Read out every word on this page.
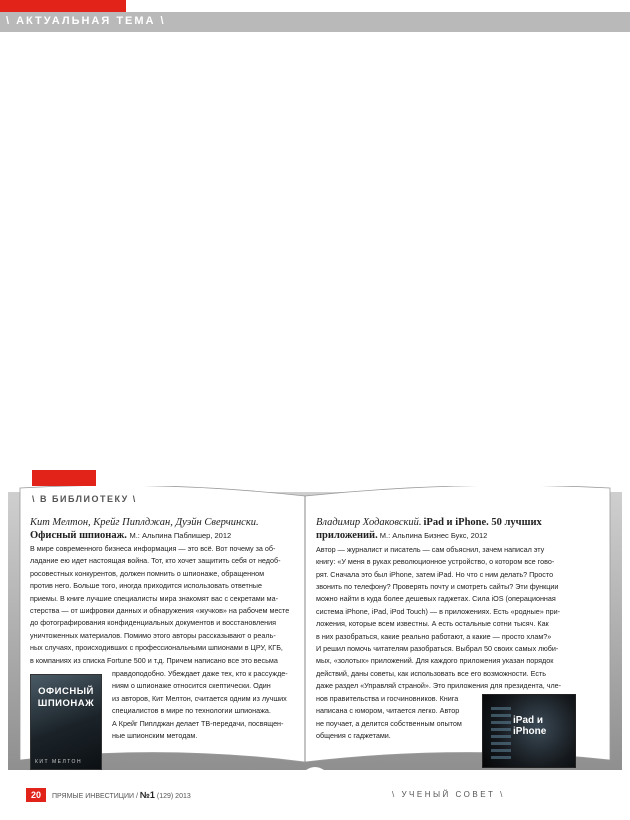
\ АКТУАЛЬНАЯ ТЕМА \
\ В БИБЛИОТЕКУ \
Кит Мелтон, Крейг Пиплджан, Дуэйн Сверчински.
Офисный шпионаж. М.: Альпина Паблишер, 2012
В мире современного бизнеса информация — это всё. Вот почему за об-
ладание ею идет настоящая война. Тот, кто хочет защитить себя от недоб-
росовестных конкурентов, должен помнить о шпионаже, обращенном
против него. Больше того, иногда приходится использовать ответные
приемы. В книге лучшие специалисты мира знакомят вас с секретами ма-
стерства — от шифровки данных и обнаружения «жучков» на рабочем месте
до фотографирования конфиденциальных документов и восстановления
уничтоженных материалов. Помимо этого авторы рассказывают о реаль-
ных случаях, происходивших с профессиональными шпионами в ЦРУ, КГБ,
в компаниях из списка Fortune 500 и т.д. Причем написано все это весьма
правдоподобно. Убеждает даже тех, кто к рассужде-
ниям о шпионаже относится скептически. Один
из авторов, Кит Мелтон, считается одним из лучших
специалистов в мире по технологии шпионажа.
А Крейг Пиплджан делает ТВ-передачи, посвящен-
ные шпионским методам.
ОФИСНЫЙ
ШПИОНАЖ
КИТ МЕЛТОН
Владимир Ходаковский. iPad и iPhone. 50 лучших приложений. М.: Альпина Бизнес Букс, 2012
Автор — журналист и писатель — сам объяснил, зачем написал эту
книгу: «У меня в руках революционное устройство, о котором все гово-
рят. Сначала это был iPhone, затем iPad. Но что с ним делать? Просто
звонить по телефону? Проверять почту и смотреть сайты? Эти функции
можно найти в куда более дешевых гаджетах. Сила iOS (операционная
система iPhone, iPad, iPod Touch) — в приложениях. Есть «родные» при-
ложения, которые всем известны. А есть остальные сотни тысяч. Как
в них разобраться, какие реально работают, а какие — просто хлам?»
И решил помочь читателям разобраться. Выбрал 50 своих самых люби-
мых, «золотых» приложений. Для каждого приложения указан порядок
действий, даны советы, как использовать все его возможности. Есть
даже раздел «Управляй страной». Это приложения для президента, чле-
нов правительства и госчиновников. Книга
написана с юмором, читается легко. Автор
не поучает, а делится собственным опытом
общения с гаджетами.
iPad и
iPhone
20	ПРЯМЫЕ ИНВЕСТИЦИИ / №1 (129) 2013	\ УЧЕНЫЙ СОВЕТ \
